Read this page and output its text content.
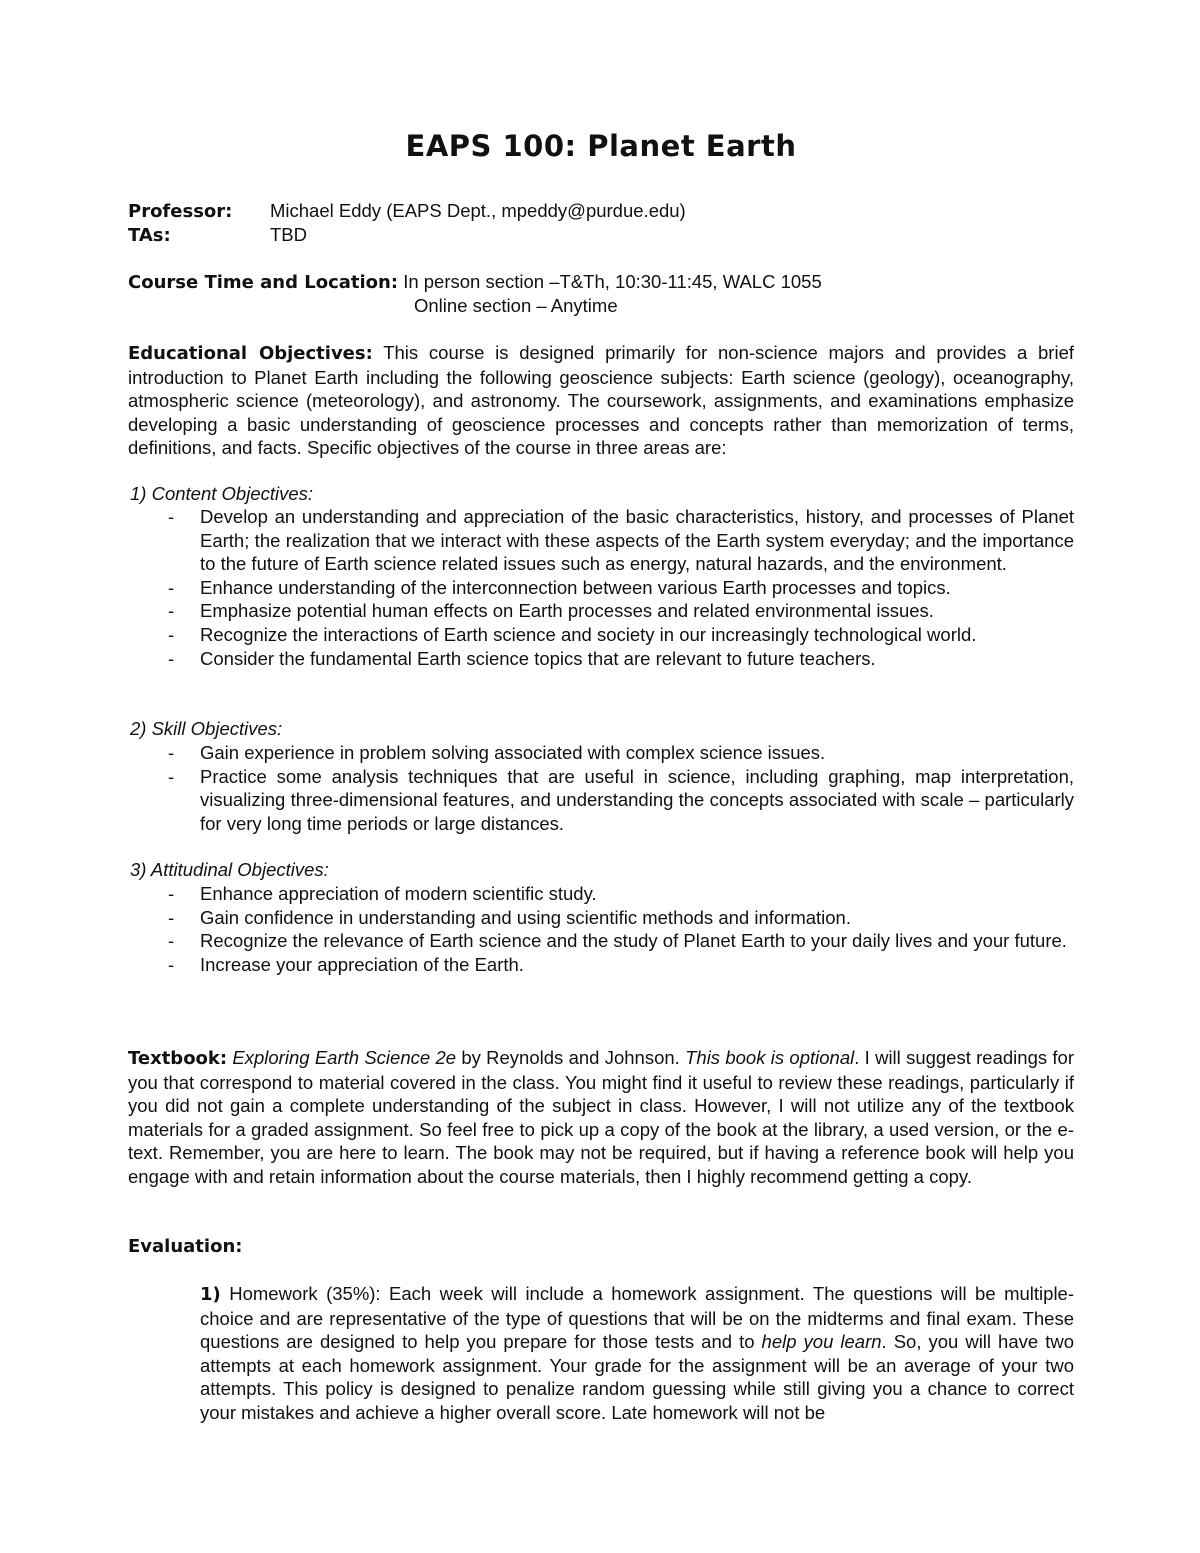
EAPS 100: Planet Earth
Professor: Michael Eddy (EAPS Dept., mpeddy@purdue.edu)
TAs:	TBD
Course Time and Location: In person section –T&Th, 10:30-11:45, WALC 1055
Online section – Anytime
Educational Objectives: This course is designed primarily for non-science majors and provides a brief introduction to Planet Earth including the following geoscience subjects: Earth science (geology), oceanography, atmospheric science (meteorology), and astronomy. The coursework, assignments, and examinations emphasize developing a basic understanding of geoscience processes and concepts rather than memorization of terms, definitions, and facts. Specific objectives of the course in three areas are:
1) Content Objectives:
- Develop an understanding and appreciation of the basic characteristics, history, and processes of Planet Earth; the realization that we interact with these aspects of the Earth system everyday; and the importance to the future of Earth science related issues such as energy, natural hazards, and the environment.
- Enhance understanding of the interconnection between various Earth processes and topics.
- Emphasize potential human effects on Earth processes and related environmental issues.
- Recognize the interactions of Earth science and society in our increasingly technological world.
- Consider the fundamental Earth science topics that are relevant to future teachers.
2) Skill Objectives:
- Gain experience in problem solving associated with complex science issues.
- Practice some analysis techniques that are useful in science, including graphing, map interpretation, visualizing three-dimensional features, and understanding the concepts associated with scale – particularly for very long time periods or large distances.
3) Attitudinal Objectives:
- Enhance appreciation of modern scientific study.
- Gain confidence in understanding and using scientific methods and information.
- Recognize the relevance of Earth science and the study of Planet Earth to your daily lives and your future.
- Increase your appreciation of the Earth.
Textbook: Exploring Earth Science 2e by Reynolds and Johnson. This book is optional. I will suggest readings for you that correspond to material covered in the class. You might find it useful to review these readings, particularly if you did not gain a complete understanding of the subject in class. However, I will not utilize any of the textbook materials for a graded assignment. So feel free to pick up a copy of the book at the library, a used version, or the e-text. Remember, you are here to learn. The book may not be required, but if having a reference book will help you engage with and retain information about the course materials, then I highly recommend getting a copy.
Evaluation:
1) Homework (35%): Each week will include a homework assignment. The questions will be multiple-choice and are representative of the type of questions that will be on the midterms and final exam. These questions are designed to help you prepare for those tests and to help you learn. So, you will have two attempts at each homework assignment. Your grade for the assignment will be an average of your two attempts. This policy is designed to penalize random guessing while still giving you a chance to correct your mistakes and achieve a higher overall score. Late homework will not be
